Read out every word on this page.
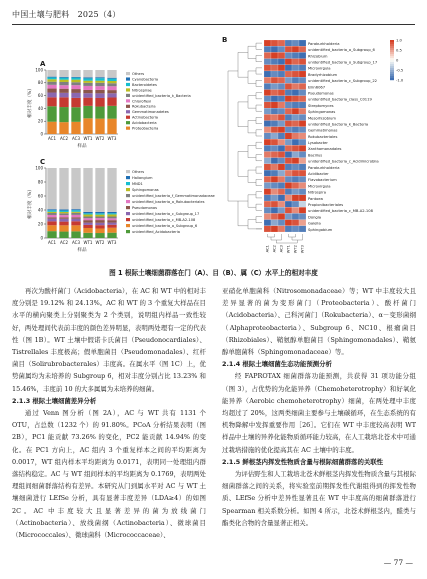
中国土壤与肥料 2025（4）
A
0
20
40
60
80
100
相对丰度（%）
AC1 AC2 AC3 WT1 WT2 WT3
样品
Others
Cyanobacteria
Bacteroidetes
Nitrospirae
unidentified_bacteria_k_Bacteria
Chloroflexi
Rokubacteria
Gemmatimonadetes
Actinobacteria
Acidobacteria
Proteobacteria
C
0
20
40
60
80
100
相对丰度（%）
AC1 AC2 AC3 WT1 WT2 WT3
样品
Others
Haliangium
MND1
Sphingomonas
unidentified_bacteria_f_Gemmatimonadaceae
unidentified_bacteria_o_Rokubacteriales
Pseudomonas
unidentified_bacteria_c_Subgroup_17
unidentified_bacteria_c_MB-A2-108
unidentified_bacteria_o_Subgroup_6
unidentified_Acidobacteria
B	Paraburkholderia
unidentified_bacteria_o_Subgroup_6
Rhizobium
unidentified_bacteria_o_Subgroup_17
Microvirgula
Bradyrhizobium
unidentified_bacteria_c_Subgroup_22
Ellin6067
Pseudomonas
unidentified_bacteria_class_C0119
Streptomyces
Sphingomonas
Mesorhizobium
unidentified_bacteria_k_Bacteria
Gemmatimonas
Rokubacteriales
Lysobacter
Xanthomonadales
Bacillus
unidentified_bacteria_c_Acidimicrobiia
Paraburkholderia
Acidibacter
Flavobacterium
Microvirgula
Nitrospira
Pantoea
Propionibacteriales
unidentified_bacteria_c_MB-A2-108
Dongia
Gaiella
Sphingobium
AC1 AC2 AC3 WT1 WT2 WT3
1.0
0.5
0
-0.5
-1.0
图 1 根际土壤细菌群落在门（A）、目（B）、属（C）水平上的相对丰度

再次为酸杆菌门（Acidobacteria），在 AC 和 WT 中的相对丰度分别是 19.12% 和 24.13%。AC 和 WT 的 3 个重复大样品在目水平的横向聚类上分别聚类为 2 个类别，说明组内样品一致性较好，两处理间代表前丰度的颜色差异明显，表明两处理有一定的代表性（图 1B）。WT 土壤中假诺卡氏菌目（Pseudonocardiales）、Tistrellales 丰度极高；假单胞菌目（Pseudomonadales）、红杆菌目（Solirubrobacterales）丰度高。在属水平（图 1C）上，优势菌属均为未培养的 Subgroup 6，相对丰度分别占比 13.23% 和 15.46%，丰度前 10 的大多属属为未培养的细菌。

2.1.3 根际土壤细菌差异分析

通过 Venn 图分析（图 2A），AC 与 WT 共有 1131 个 OTU，占总数（1232 个）的 91.80%。PCoA 分析结果表明（图 2B），PC1 能贡献 73.26% 的变化，PC2 能贡献 14.94% 的变化。在 PC1 方向上，AC 组内 3 个重复样本之间的平均距离为 0.0017，WT 组内样本平均距离为 0.0171，表明同一处理组内群落结构稳定。AC 与 WT 组间样本的平均距离为 0.1769，表明两处理组间细菌群落结构有差异。本研究从门到属水平对 AC 与 WT 土壤细菌进行 LEfSe 分析，具有显著丰度差异（LDA≥4）的如图 2C。AC 中丰度较大且显著差异的菌为放线菌门（Actinobacteria）、放线菌纲（Actinobacteria）、微球菌目（Micrococcales）、微球菌科（Micrococcaceae）、

亚硝化单胞菌科（Nitrosomonadaceae）等；WT 中丰度较大且差异显著的菌为变形菌门（Proteobacteria）、酸杆菌门（Acidobacteria）、己科河菌门（Rokubacteria）、α－变形菌纲（Alphaproteobacteria）、Subgroup 6、NC10、根瘤菌目（Rhizobiales）、鞘氨醇单胞菌目（Sphingomonadales）、鞘氨醇单胞菌科（Sphingomonadaceae）等。

2.1.4 根际土壤细菌生态功能预测分析

经 FAPROTAX 细菌群落功能预测，共获得 31 项功能分组（图 3），占优势的为化能异养（Chemoheterotrophy）和好氧化能异养（Aerobic chemoheterotrophy）细菌，在两处理中丰度均超过了 20%，这两类细菌主要参与土壤碳循环，在生态系统的有机物降解中发挥重要作用［26］。它们在 WT 中丰度较高表明 WT 样品中土壤的异养化能物质循环能力较高，在人工栽培北苍术中可通过栽培措施的优化提高其在 AC 土壤中的丰度。

2.1.5 鲜根茎内挥发性物质含量与根际细菌群落的关联性

为评估野生和人工栽培北苍术鲜根茎内挥发性物质含量与其根际细菌群落之间的关系，将实验室前期挥发性代谢组得到的挥发性物质、LEfSe 分析中差异性显著且在 WT 中丰度高的细菌群落进行 Spearman 相关系数分析。如图 4 所示，北苍术鲜根茎内，醛类与酯类化合物的含量显著正相关。

— 77 —
